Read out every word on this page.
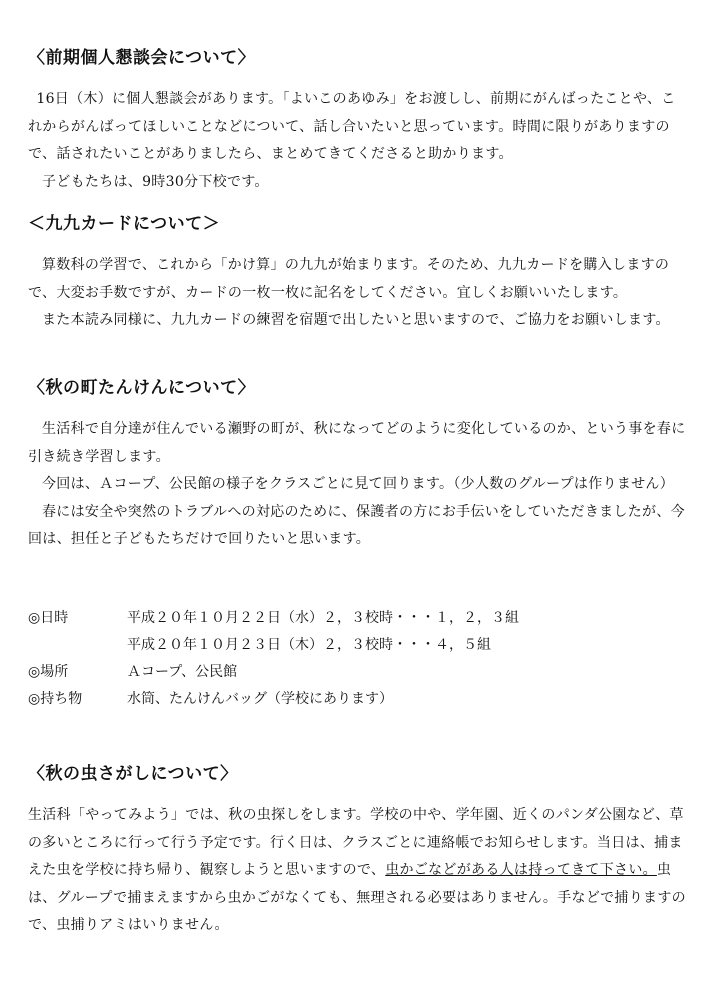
〈前期個人懇談会について〉
16日（木）に個人懇談会があります。「よいこのあゆみ」をお渡しし、前期にがんばったことや、これからがんばってほしいことなどについて、話し合いたいと思っています。時間に限りがありますので、話されたいことがありましたら、まとめてきてくださると助かります。
子どもたちは、9時30分下校です。
＜九九カードについて＞
算数科の学習で、これから「かけ算」の九九が始まります。そのため、九九カードを購入しますので、大変お手数ですが、カードの一枚一枚に記名をしてください。宜しくお願いいたします。
また本読み同様に、九九カードの練習を宿題で出したいと思いますので、ご協力をお願いします。
〈秋の町たんけんについて〉
生活科で自分達が住んでいる瀬野の町が、秋になってどのように変化しているのか、という事を春に引き続き学習します。
今回は、Ａコープ、公民館の様子をクラスごとに見て回ります。（少人数のグループは作りません）
春には安全や突然のトラブルへの対応のために、保護者の方にお手伝いをしていただきましたが、今回は、担任と子どもたちだけで回りたいと思います。
◎日時	平成２０年１０月２２日（水）２，３校時・・・１，２，３組
平成２０年１０月２３日（木）２，３校時・・・４，５組
◎場所	Ａコープ、公民館
◎持ち物	水筒、たんけんバッグ（学校にあります）
〈秋の虫さがしについて〉
生活科「やってみよう」では、秋の虫探しをします。学校の中や、学年園、近くのパンダ公園など、草の多いところに行って行う予定です。行く日は、クラスごとに連絡帳でお知らせします。当日は、捕まえた虫を学校に持ち帰り、観察しようと思いますので、虫かごなどがある人は持ってきて下さい。虫は、グループで捕まえますから虫かごがなくても、無理される必要はありません。手などで捕りますので、虫捕りアミはいりません。
